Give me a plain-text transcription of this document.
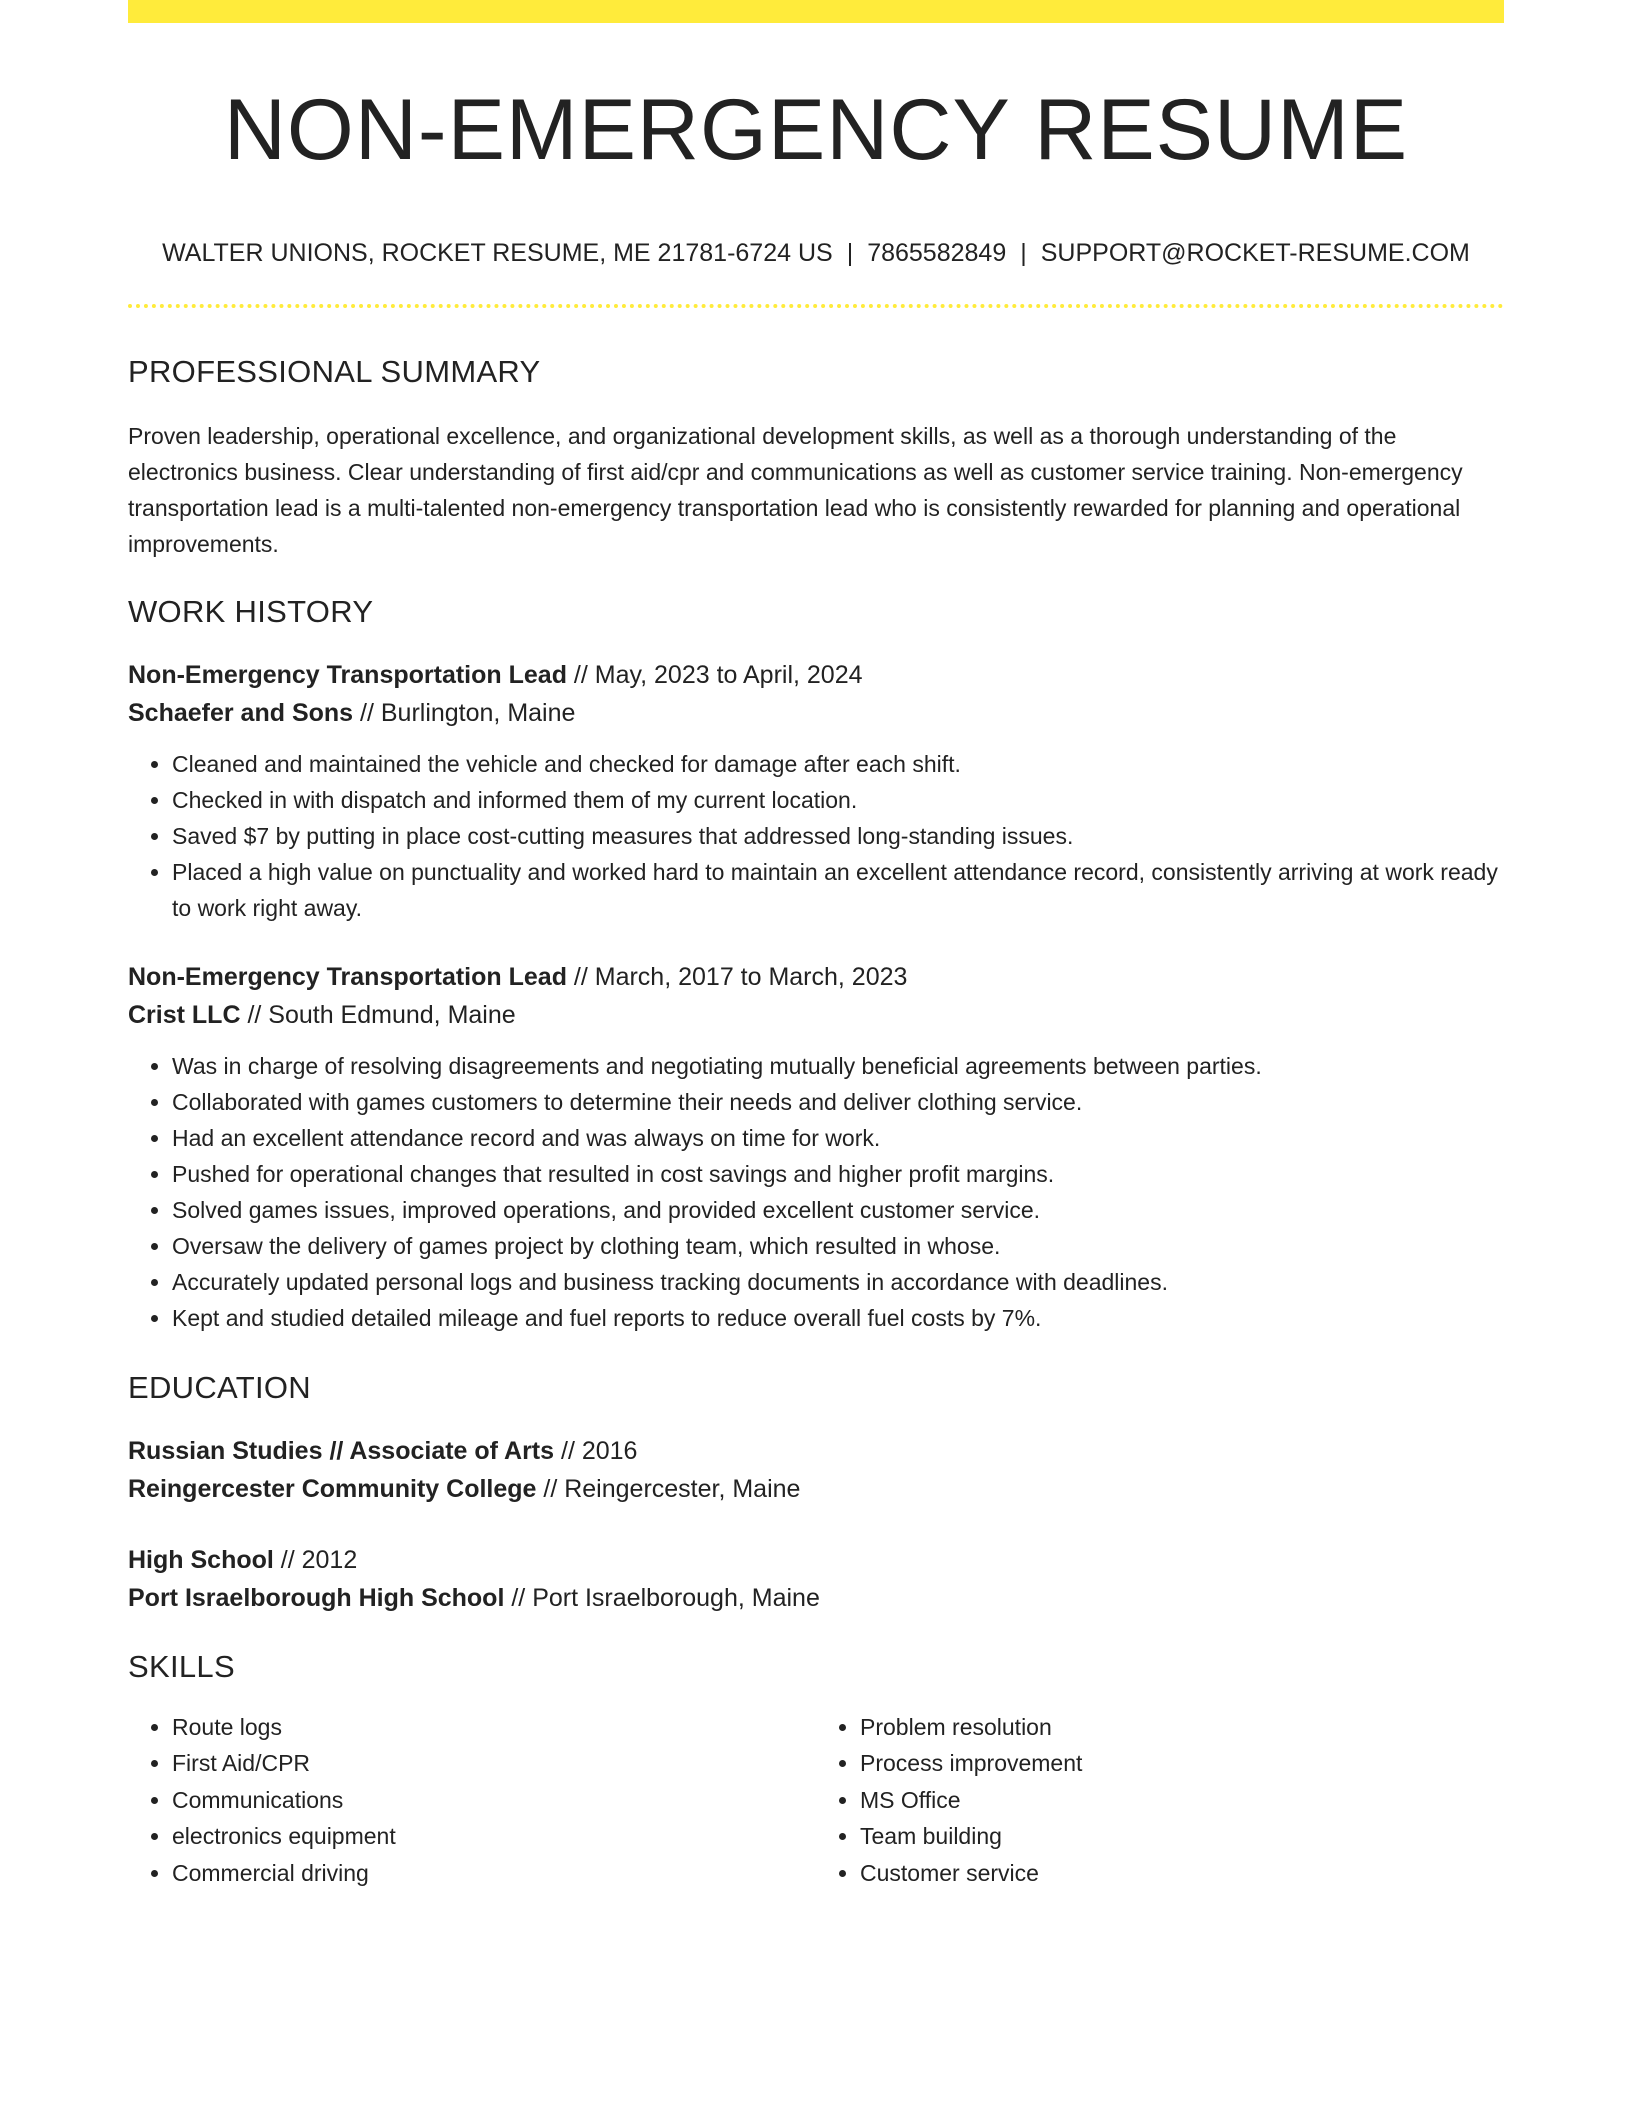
NON-EMERGENCY RESUME
WALTER UNIONS, ROCKET RESUME, ME 21781-6724 US | 7865582849 | SUPPORT@ROCKET-RESUME.COM
PROFESSIONAL SUMMARY

Proven leadership, operational excellence, and organizational development skills, as well as a thorough understanding of the electronics business. Clear understanding of first aid/cpr and communications as well as customer service training. Non-emergency transportation lead is a multi-talented non-emergency transportation lead who is consistently rewarded for planning and operational improvements.

WORK HISTORY
Non-Emergency Transportation Lead // May, 2023 to April, 2024
Schaefer and Sons // Burlington, Maine
• Cleaned and maintained the vehicle and checked for damage after each shift.
• Checked in with dispatch and informed them of my current location.
• Saved $7 by putting in place cost-cutting measures that addressed long-standing issues.
• Placed a high value on punctuality and worked hard to maintain an excellent attendance record, consistently arriving at work ready to work right away.
Non-Emergency Transportation Lead // March, 2017 to March, 2023
Crist LLC // South Edmund, Maine
• Was in charge of resolving disagreements and negotiating mutually beneficial agreements between parties.
• Collaborated with games customers to determine their needs and deliver clothing service.
• Had an excellent attendance record and was always on time for work.
• Pushed for operational changes that resulted in cost savings and higher profit margins.
• Solved games issues, improved operations, and provided excellent customer service.
• Oversaw the delivery of games project by clothing team, which resulted in whose.
• Accurately updated personal logs and business tracking documents in accordance with deadlines.
• Kept and studied detailed mileage and fuel reports to reduce overall fuel costs by 7%.
EDUCATION
Russian Studies // Associate of Arts // 2016
Reingercester Community College // Reingercester, Maine
High School // 2012
Port Israelborough High School // Port Israelborough, Maine
SKILLS
• Route logs
• First Aid/CPR
• Communications
• electronics equipment
• Commercial driving
• Problem resolution
• Process improvement
• MS Office
• Team building
• Customer service
